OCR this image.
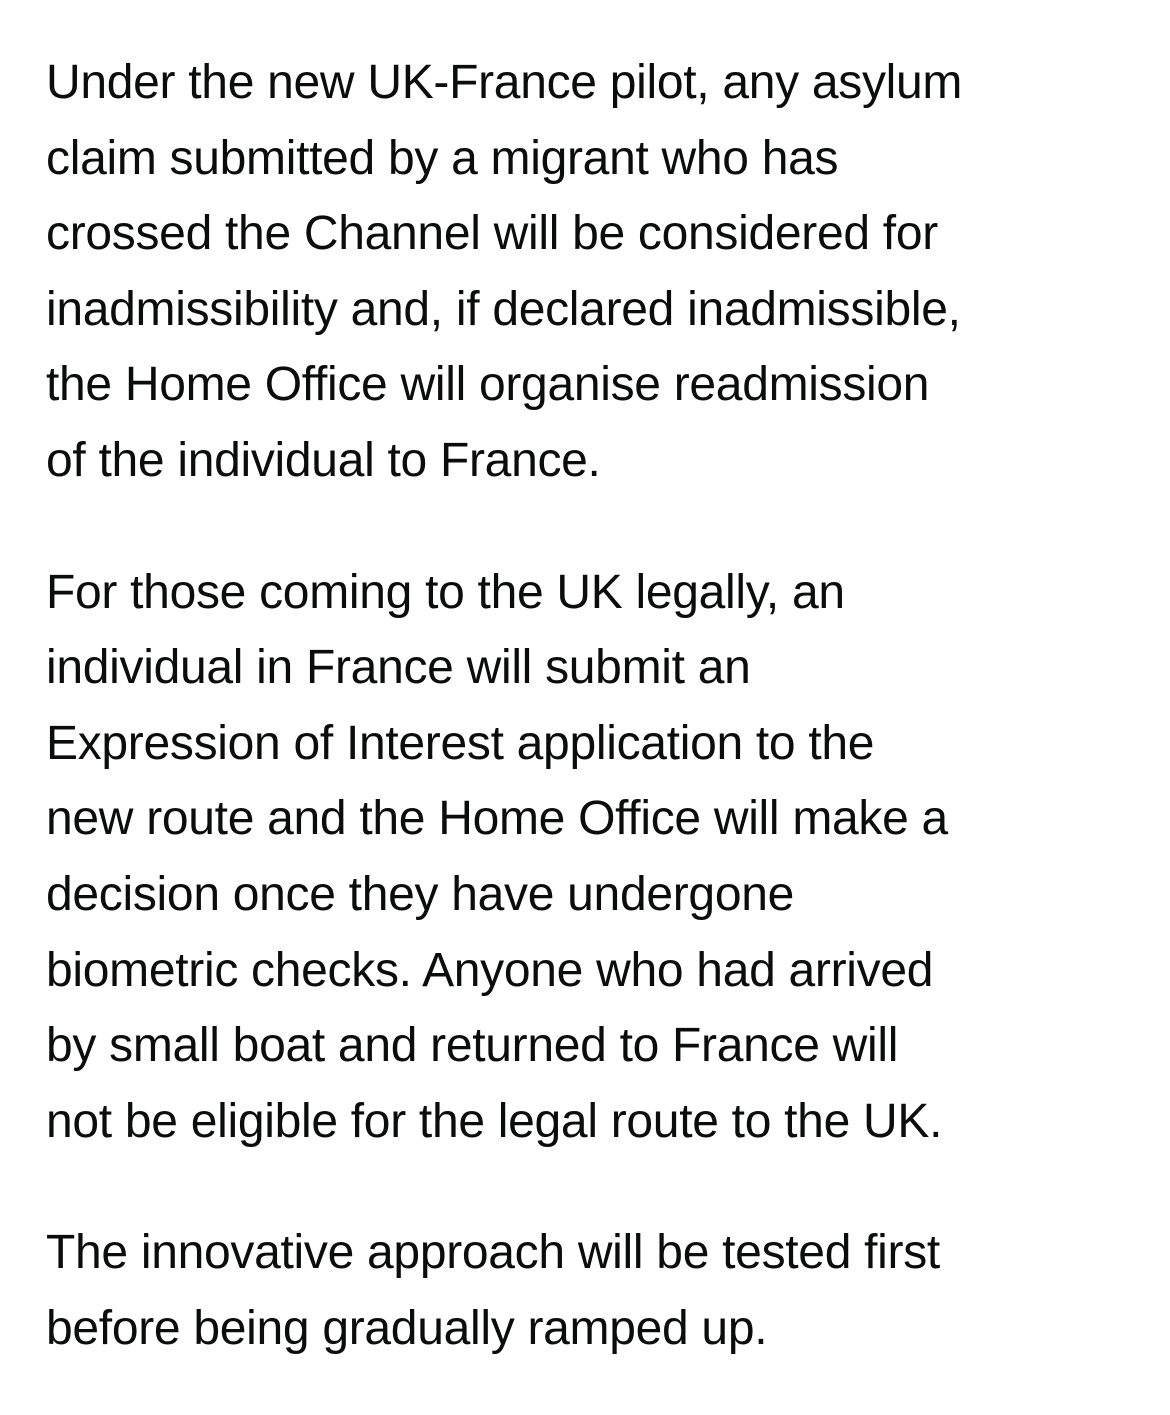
Under the new UK-France pilot, any asylum
claim submitted by a migrant who has
crossed the Channel will be considered for
inadmissibility and, if declared inadmissible,
the Home Office will organise readmission
of the individual to France.

For those coming to the UK legally, an
individual in France will submit an
Expression of Interest application to the
new route and the Home Office will make a
decision once they have undergone
biometric checks. Anyone who had arrived
by small boat and returned to France will
not be eligible for the legal route to the UK.

The innovative approach will be tested first
before being gradually ramped up.
